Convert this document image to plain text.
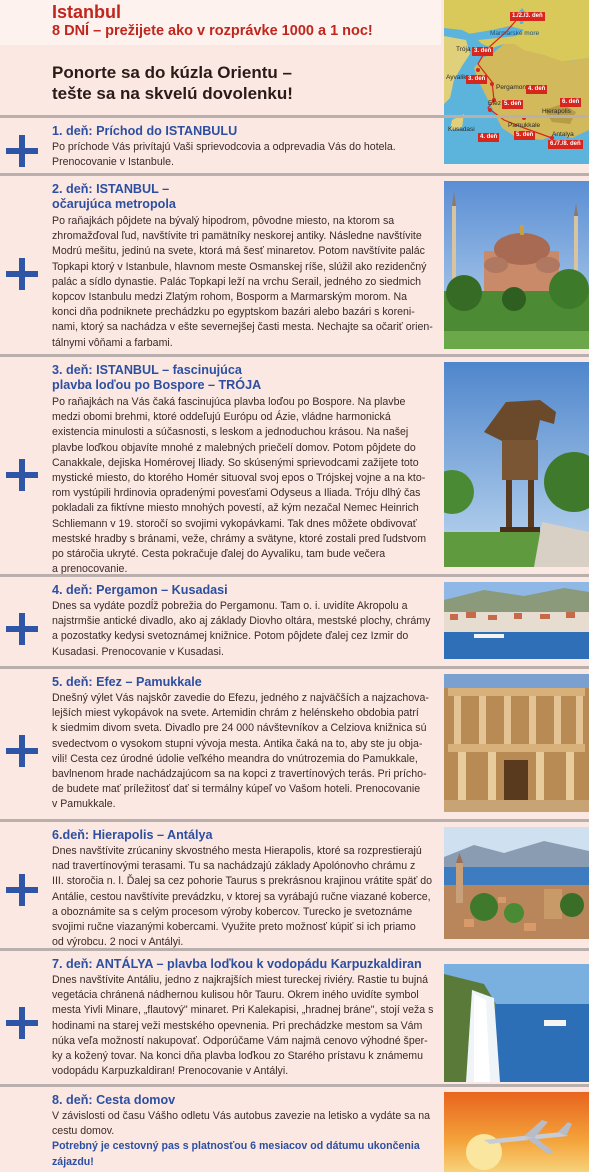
Istanbul
8 DNÍ – prežijete ako v rozprávke 1000 a 1 noc!
Ponorte sa do kúzla Orientu –
tešte sa na skvelú dovolenku!
1./2./3. deň
Marmarské more
Trója 3. deň
Ayvalik 3. deň
Pergamon 4. deň
Efez 5. deň	6. deň
Hierapolis
Pamukkale
Kusadasi
4. deň	5. deň	Antalya
6./7./8. deň
1. deň: Príchod do ISTANBULU
Po príchode Vás privítajú Vaši sprievodcovia a odprevadia Vás do hotela.
Prenocovanie v Istanbule.
2. deň: ISTANBUL –
očarujúca metropola
Po raňajkách pôjdete na bývalý hipodrom, pôvodne miesto, na ktorom sa
zhromažďoval ľud, navštívite tri pamätníky neskorej antiky. Následne navštívite
Modrú mešitu, jedinú na svete, ktorá má šesť minaretov. Potom navštívite palác
Topkapi ktorý v Istanbule, hlavnom meste Osmanskej ríše, slúžil ako rezidenčný
palác a sídlo dynastie. Palác Topkapi leží na vrchu Serail, jedného zo siedmich
kopcov Istanbulu medzi Zlatým rohom, Bosporm a Marmarským morom. Na
konci dňa podniknete prechádzku po egyptskom bazári alebo bazári s koreni-
nami, ktorý sa nachádza v ešte severnejšej časti mesta. Nechajte sa očariť orien-
tálnymi vôňami a farbami.
3. deň: ISTANBUL – fascinujúca
plavba loďou po Bospore – TRÓJA
Po raňajkách na Vás čaká fascinujúca plavba loďou po Bospore. Na plavbe
medzi obomi brehmi, ktoré oddeľujú Európu od Ázie, vládne harmonická
existencia minulosti a súčasnosti, s leskom a jednoduchou krásou. Na našej
plavbe loďkou objavíte mnohé z malebných priečelí domov. Potom pôjdete do
Canakkale, dejiska Homérovej Iliady. So skúsenými sprievodcami zažijete toto
mystické miesto, do ktorého Homér situoval svoj epos o Trójskej vojne a na kto-
rom vystúpili hrdinovia opradenými povesťami Odyseus a Iliada. Tróju dlhý čas
pokladali za fiktívne miesto mnohých povestí, až kým nezačal Nemec Heinrich
Schliemann v 19. storočí so svojimi vykopávkami. Tak dnes môžete obdivovať
mestské hradby s bránami, veže, chrámy a svätyne, ktoré zostali pred ľudstvom
po stáročia ukryté. Cesta pokračuje ďalej do Ayvaliku, tam bude večera
a prenocovanie.
4. deň: Pergamon – Kusadasi
Dnes sa vydáte pozdĺž pobrežia do Pergamonu. Tam o. i. uvidíte Akropolu a
najstrmšie antické divadlo, ako aj základy Diovho oltára, mestské plochy, chrámy
a pozostatky kedysi svetoznámej knižnice. Potom pôjdete ďalej cez Izmir do
Kusadasi. Prenocovanie v Kusadasi.
5. deň: Efez – Pamukkale
Dnešný výlet Vás najskôr zavedie do Efezu, jedného z najväčších a najzachova-
lejších miest vykopávok na svete. Artemidin chrám z helénskeho obdobia patrí
k siedmim divom sveta. Divadlo pre 24 000 návštevníkov a Celziova knižnica sú
svedectvom o vysokom stupni vývoja mesta. Antika čaká na to, aby ste ju obja-
vili! Cesta cez úrodné údolie veľkého meandra do vnútrozemia do Pamukkale,
bavlnenom hrade nachádzajúcom sa na kopci z travertínových terás. Pri prícho-
de budete mať príležitosť dať si termálny kúpeľ vo Vašom hoteli. Prenocovanie
v Pamukkale.
6.deň: Hierapolis – Antálya
Dnes navštívite zrúcaniny skvostného mesta Hierapolis, ktoré sa rozprestierajú
nad travertínovými terasami. Tu sa nachádzajú základy Apolónovho chrámu z
III. storočia n. l. Ďalej sa cez pohorie Taurus s prekrásnou krajinou vrátite späť do
Antálie, cestou navštívite prevádzku, v ktorej sa vyrábajú ručne viazané koberce,
a oboznámite sa s celým procesom výroby kobercov. Turecko je svetoznáme
svojimi ručne viazanými kobercami. Využite preto možnosť kúpiť si ich priamo
od výrobcu. 2 noci v Antályi.
7. deň: ANTÁLYA – plavba loďkou k vodopádu Karpuzkaldiran
Dnes navštívite Antáliu, jedno z najkrajších miest tureckej riviéry. Rastie tu bujná
vegetácia chránená nádhernou kulisou hôr Tauru. Okrem iného uvidíte symbol
mesta Yivli Minare, „flautový" minaret. Pri Kalekapisi, „hradnej bráne", stojí veža s
hodinami na starej veži mestského opevnenia. Pri prechádzke mestom sa Vám
núka veľa možností nakupovať. Odporúčame Vám najmä cenovo výhodné šper-
ky a kožený tovar. Na konci dňa plavba loďkou zo Starého prístavu k známemu
vodopádu Karpuzkaldiran! Prenocovanie v Antályi.
8. deň: Cesta domov
V závislosti od času Vášho odletu Vás autobus zavezie na letisko a vydáte sa na
cestu domov.
Potrebný je cestovný pas s platnosťou 6 mesiacov od dátumu ukončenia
zájazdu!
